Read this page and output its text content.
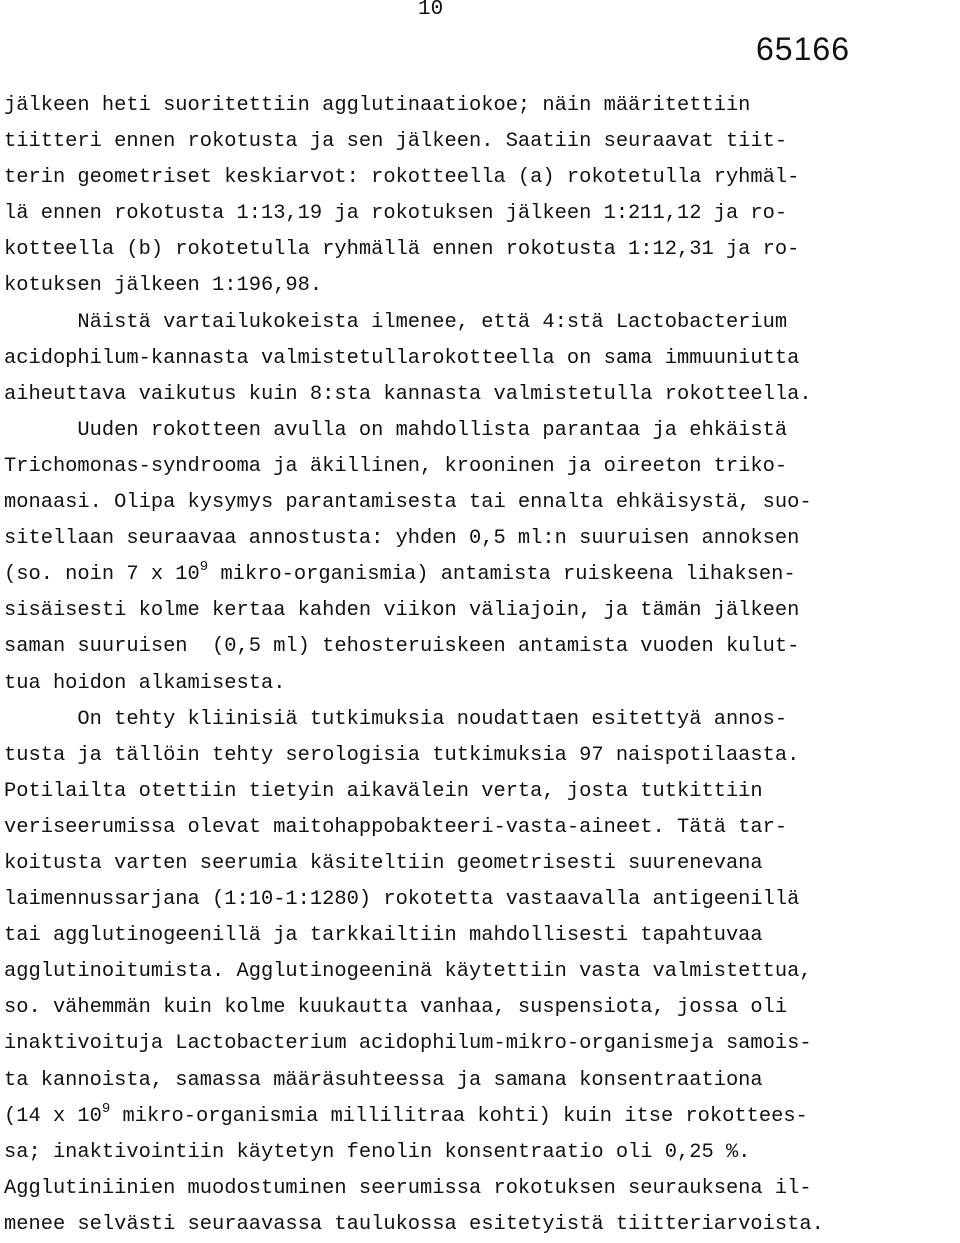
10

65166

jälkeen heti suoritettiin agglutinaatiokoe; näin määritettiin

tiitteri ennen rokotusta ja sen jälkeen. Saatiin seuraavat tiit-

terin geometriset keskiarvot: rokotteella (a) rokotetulla ryhmäl-

lä ennen rokotusta 1:13,19 ja rokotuksen jälkeen 1:211,12 ja ro-

kotteella (b) rokotetulla ryhmällä ennen rokotusta 1:12,31 ja ro-

kotuksen jälkeen 1:196,98.

Näistä vartailukokeista ilmenee, että 4:stä Lactobacterium

acidophilum-kannasta valmistetullarokotteella on sama immuuniutta

aiheuttava vaikutus kuin 8:sta kannasta valmistetulla rokotteella.

Uuden rokotteen avulla on mahdollista parantaa ja ehkäistä

Trichomonas-syndrooma ja äkillinen, krooninen ja oireeton triko-

monaasi. Olipa kysymys parantamisesta tai ennalta ehkäisystä, suo-

sitellaan seuraavaa annostusta: yhden 0,5 ml:n suuruisen annoksen

(so. noin 7 x $10^9$ mikro-organismia) antamista ruiskeena lihaksen-

sisäisesti kolme kertaa kahden viikon väliajoin, ja tämän jälkeen

saman suuruisen  (0,5 ml) tehosteruiskeen antamista vuoden kulut-

tua hoidon alkamisesta.

On tehty kliinisiä tutkimuksia noudattaen esitettyä annos-

tusta ja tällöin tehty serologisia tutkimuksia 97 naispotilaasta.

Potilailta otettiin tietyin aikavälein verta, josta tutkittiin

veriseerumissa olevat maitohappobakteeri-vasta-aineet. Tätä tar-

koitusta varten seerumia käsiteltiin geometrisesti suurenevana

laimennussarjana (1:10-1:1280) rokotetta vastaavalla antigeenillä

tai agglutinogeenillä ja tarkkailtiin mahdollisesti tapahtuvaa

agglutinoitumista. Agglutinogeeninä käytettiin vasta valmistettua,

so. vähemmän kuin kolme kuukautta vanhaa, suspensiota, jossa oli

inaktivoituja Lactobacterium acidophilum-mikro-organismeja samois-

ta kannoista, samassa määräsuhteessa ja samana konsentraationa

(14 x $10^9$ mikro-organismia millilitraa kohti) kuin itse rokottees-

sa; inaktivointiin käytetyn fenolin konsentraatio oli 0,25 %.

Agglutiniinien muodostuminen seerumissa rokotuksen seurauksena il-

menee selvästi seuraavassa taulukossa esitetyistä tiitteriarvoista.
